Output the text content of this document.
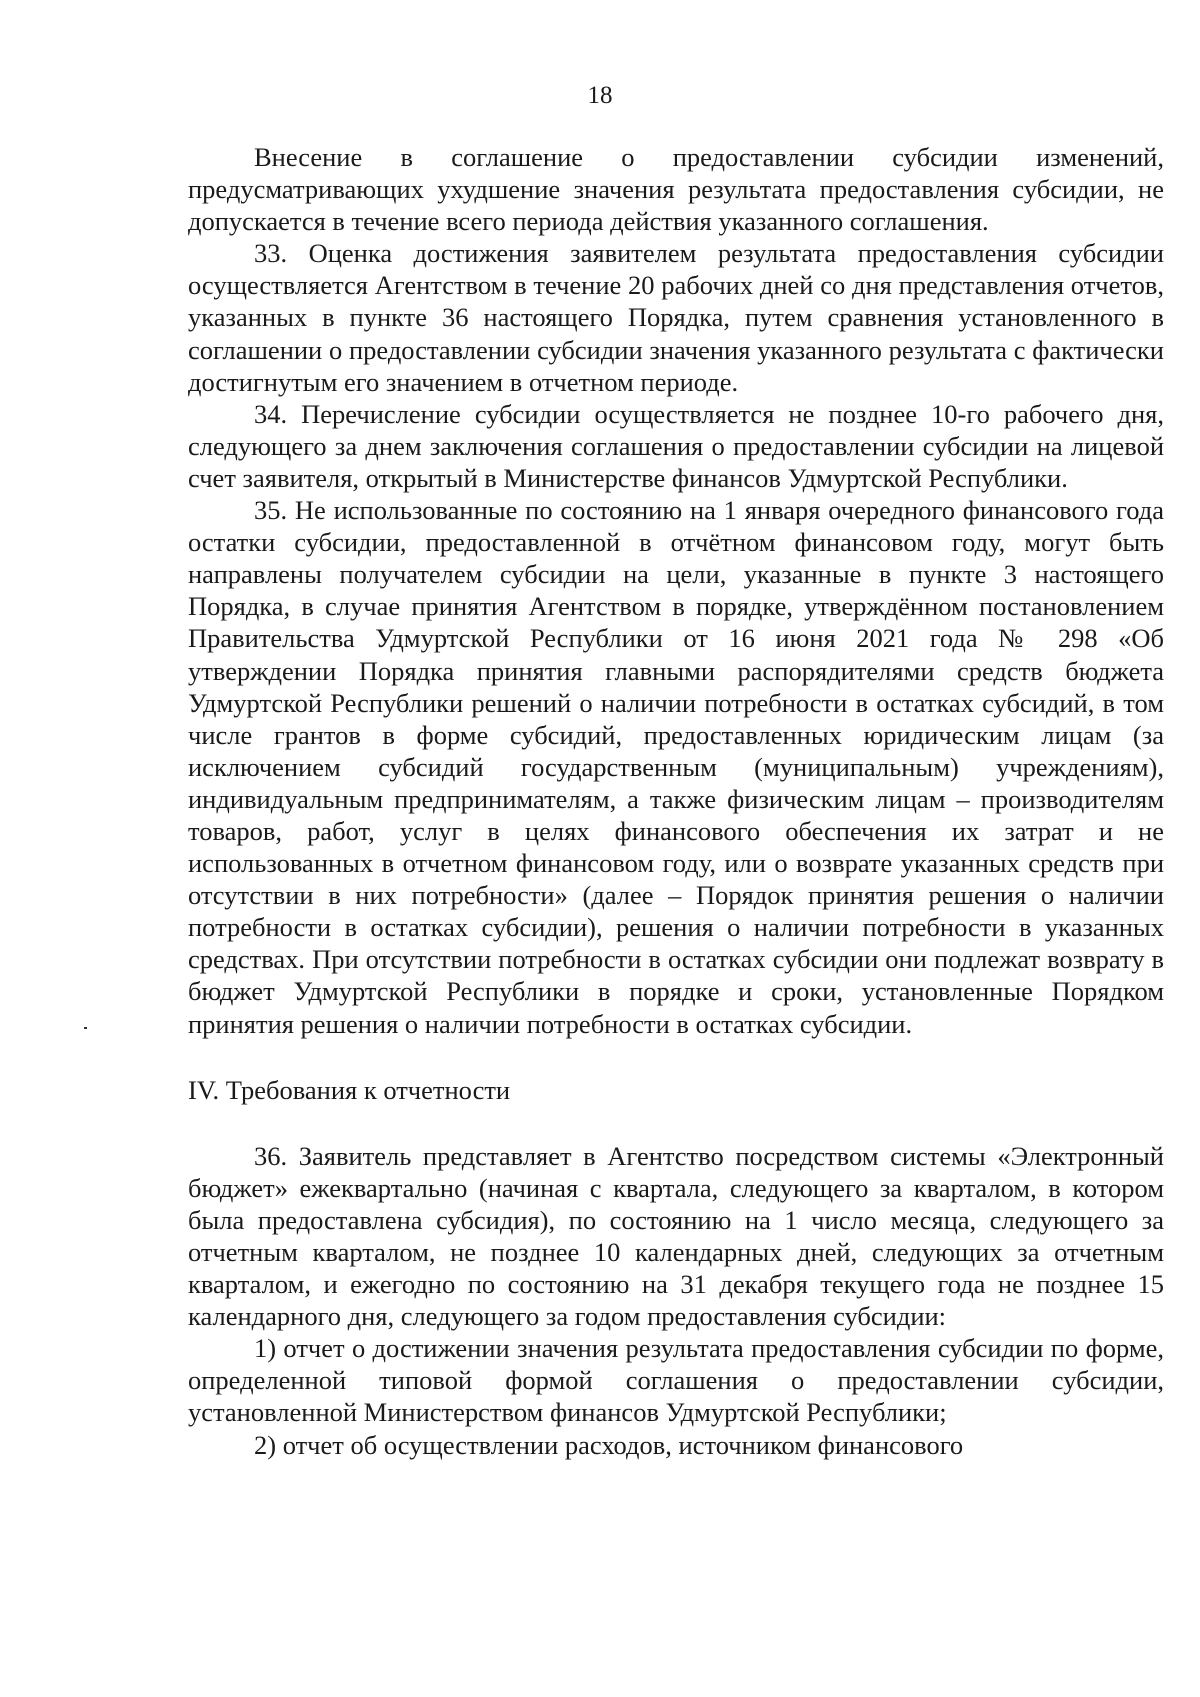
18

Внесение в соглашение о предоставлении субсидии изменений, предусматривающих ухудшение значения результата предоставления субсидии, не допускается в течение всего периода действия указанного соглашения.

33. Оценка достижения заявителем результата предоставления субсидии осуществляется Агентством в течение 20 рабочих дней со дня представления отчетов, указанных в пункте 36 настоящего Порядка, путем сравнения установленного в соглашении о предоставлении субсидии значения указанного результата с фактически достигнутым его значением в отчетном периоде.

34. Перечисление субсидии осуществляется не позднее 10-го рабочего дня, следующего за днем заключения соглашения о предоставлении субсидии на лицевой счет заявителя, открытый в Министерстве финансов Удмуртской Республики.

35. Не использованные по состоянию на 1 января очередного финансового года остатки субсидии, предоставленной в отчётном финансовом году, могут быть направлены получателем субсидии на цели, указанные в пункте 3 настоящего Порядка, в случае принятия Агентством в порядке, утверждённом постановлением Правительства Удмуртской Республики от 16 июня 2021 года № 298 «Об утверждении Порядка принятия главными распорядителями средств бюджета Удмуртской Республики решений о наличии потребности в остатках субсидий, в том числе грантов в форме субсидий, предоставленных юридическим лицам (за исключением субсидий государственным (муниципальным) учреждениям), индивидуальным предпринимателям, а также физическим лицам – производителям товаров, работ, услуг в целях финансового обеспечения их затрат и не использованных в отчетном финансовом году, или о возврате указанных средств при отсутствии в них потребности» (далее – Порядок принятия решения о наличии потребности в остатках субсидии), решения о наличии потребности в указанных средствах. При отсутствии потребности в остатках субсидии они подлежат возврату в бюджет Удмуртской Республики в порядке и сроки, установленные Порядком принятия решения о наличии потребности в остатках субсидии.

IV. Требования к отчетности

36. Заявитель представляет в Агентство посредством системы «Электронный бюджет» ежеквартально (начиная с квартала, следующего за кварталом, в котором была предоставлена субсидия), по состоянию на 1 число месяца, следующего за отчетным кварталом, не позднее 10 календарных дней, следующих за отчетным кварталом, и ежегодно по состоянию на 31 декабря текущего года не позднее 15 календарного дня, следующего за годом предоставления субсидии:

1) отчет о достижении значения результата предоставления субсидии по форме, определенной типовой формой соглашения о предоставлении субсидии, установленной Министерством финансов Удмуртской Республики;

2) отчет об осуществлении расходов, источником финансового
